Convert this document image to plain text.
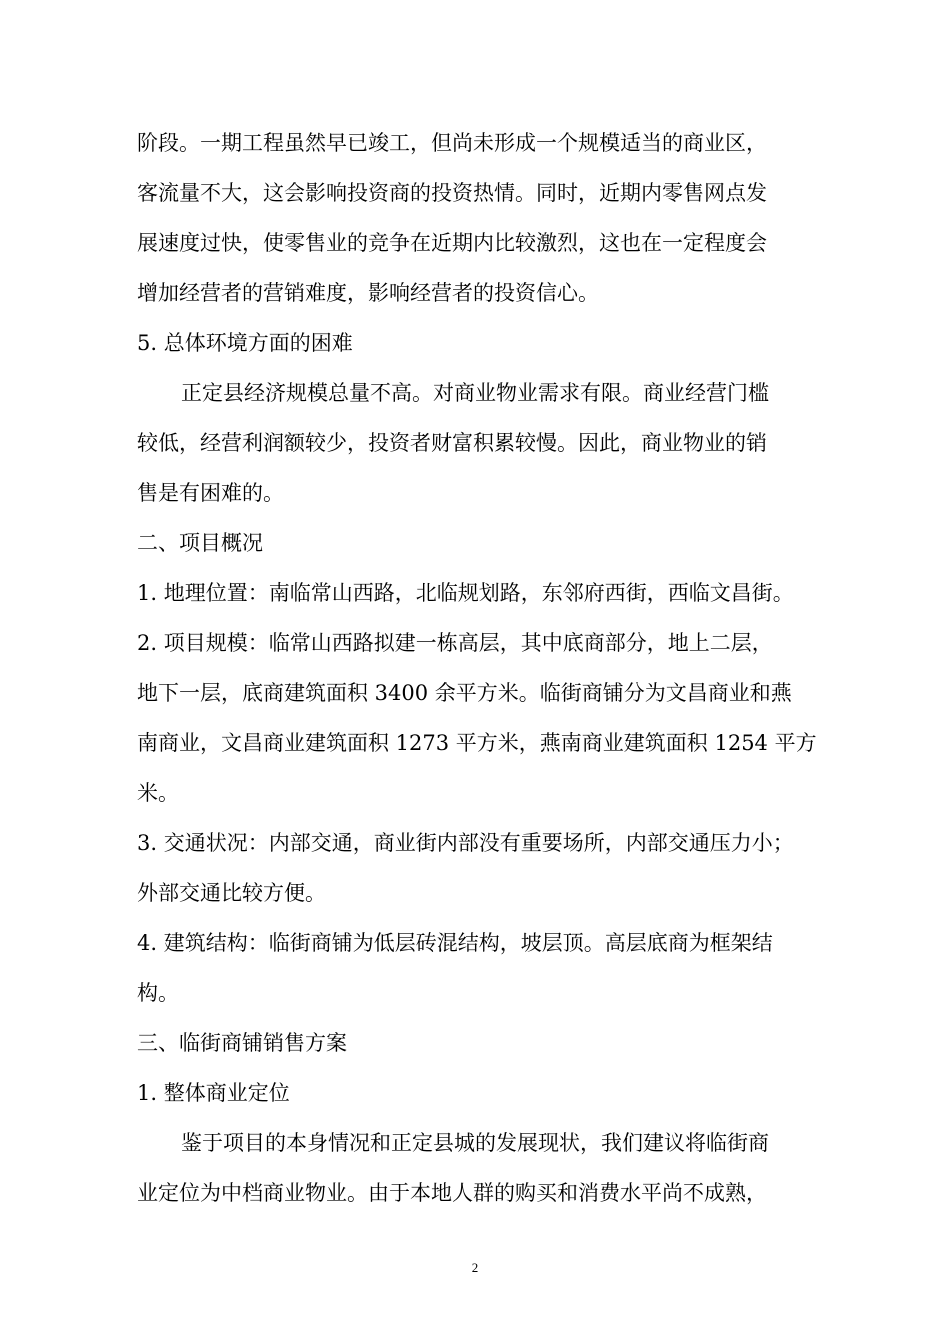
阶段。一期工程虽然早已竣工，但尚未形成一个规模适当的商业区，
客流量不大，这会影响投资商的投资热情。同时，近期内零售网点发
展速度过快，使零售业的竞争在近期内比较激烈，这也在一定程度会
增加经营者的营销难度，影响经营者的投资信心。
5. 总体环境方面的困难
正定县经济规模总量不高。对商业物业需求有限。商业经营门槛
较低，经营利润额较少，投资者财富积累较慢。因此，商业物业的销
售是有困难的。
二、项目概况
1. 地理位置：南临常山西路，北临规划路，东邻府西街，西临文昌街。
2. 项目规模：临常山西路拟建一栋高层，其中底商部分，地上二层，
地下一层，底商建筑面积 3400 余平方米。临街商铺分为文昌商业和燕
南商业，文昌商业建筑面积 1273 平方米，燕南商业建筑面积 1254 平方
米。
3. 交通状况：内部交通，商业街内部没有重要场所，内部交通压力小；
外部交通比较方便。
4. 建筑结构：临街商铺为低层砖混结构，坡层顶。高层底商为框架结
构。
三、临街商铺销售方案
1. 整体商业定位
鉴于项目的本身情况和正定县城的发展现状，我们建议将临街商
业定位为中档商业物业。由于本地人群的购买和消费水平尚不成熟，
2
